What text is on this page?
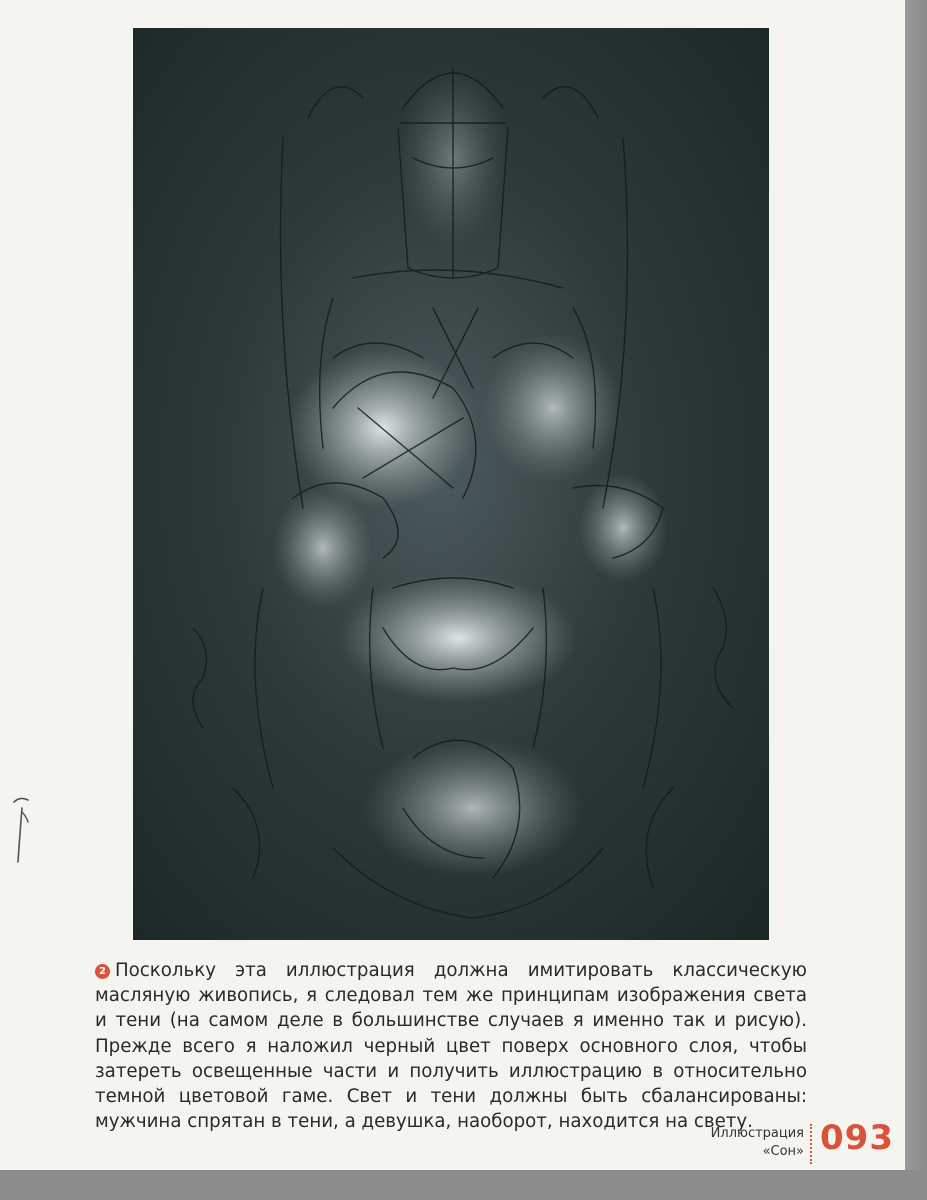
2 Поскольку эта иллюстрация должна имитировать классическую масляную живопись, я следовал тем же принципам изображения света и тени (на самом деле в большинстве случаев я именно так и рисую). Прежде всего я наложил черный цвет поверх основного слоя, чтобы затереть освещенные части и получить иллюстрацию в относительно темной цветовой гаме. Свет и тени должны быть сбалансированы: мужчина спрятан в тени, а девушка, наоборот, находится на свету.
Иллюстрация
«Сон» 093
